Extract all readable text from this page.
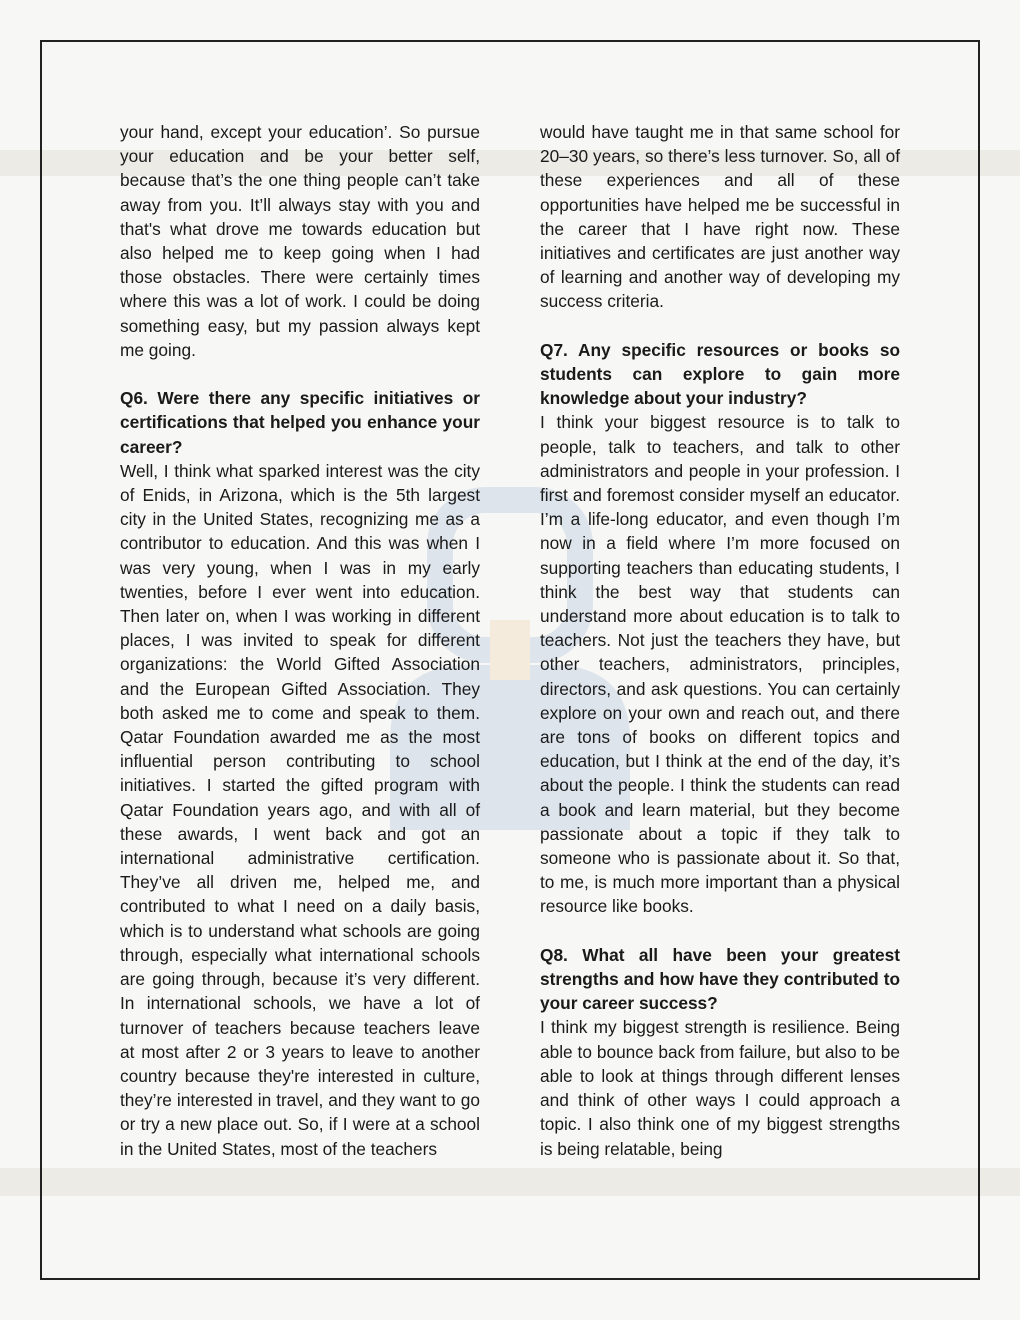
your hand, except your education’. So pursue your education and be your better self, because that’s the one thing people can’t take away from you. It’ll always stay with you and that's what drove me towards education but also helped me to keep going when I had those obstacles. There were certainly times where this was a lot of work. I could be doing something easy, but my passion always kept me going.

Q6. Were there any specific initiatives or certifications that helped you enhance your career?

Well, I think what sparked interest was the city of Enids, in Arizona, which is the 5th largest city in the United States, recognizing me as a contributor to education. And this was when I was very young, when I was in my early twenties, before I ever went into education. Then later on, when I was working in different places, I was invited to speak for different organizations: the World Gifted Association and the European Gifted Association. They both asked me to come and speak to them. Qatar Foundation awarded me as the most influential person contributing to school initiatives. I started the gifted program with Qatar Foundation years ago, and with all of these awards, I went back and got an international administrative certification. They’ve all driven me, helped me, and contributed to what I need on a daily basis, which is to understand what schools are going through, especially what international schools are going through, because it’s very different. In international schools, we have a lot of turnover of teachers because teachers leave at most after 2 or 3 years to leave to another country because they're interested in culture, they’re interested in travel, and they want to go or try a new place out. So, if I were at a school in the United States, most of the teachers

would have taught me in that same school for 20–30 years, so there’s less turnover. So, all of these experiences and all of these opportunities have helped me be successful in the career that I have right now. These initiatives and certificates are just another way of learning and another way of developing my success criteria.

Q7. Any specific resources or books so students can explore to gain more knowledge about your industry?

I think your biggest resource is to talk to people, talk to teachers, and talk to other administrators and people in your profession. I first and foremost consider myself an educator. I’m a life-long educator, and even though I’m now in a field where I’m more focused on supporting teachers than educating students, I think the best way that students can understand more about education is to talk to teachers. Not just the teachers they have, but other teachers, administrators, principles, directors, and ask questions. You can certainly explore on your own and reach out, and there are tons of books on different topics and education, but I think at the end of the day, it’s about the people. I think the students can read a book and learn material, but they become passionate about a topic if they talk to someone who is passionate about it. So that, to me, is much more important than a physical resource like books.

Q8. What all have been your greatest strengths and how have they contributed to your career success?

I think my biggest strength is resilience. Being able to bounce back from failure, but also to be able to look at things through different lenses and think of other ways I could approach a topic. I also think one of my biggest strengths is being relatable, being
